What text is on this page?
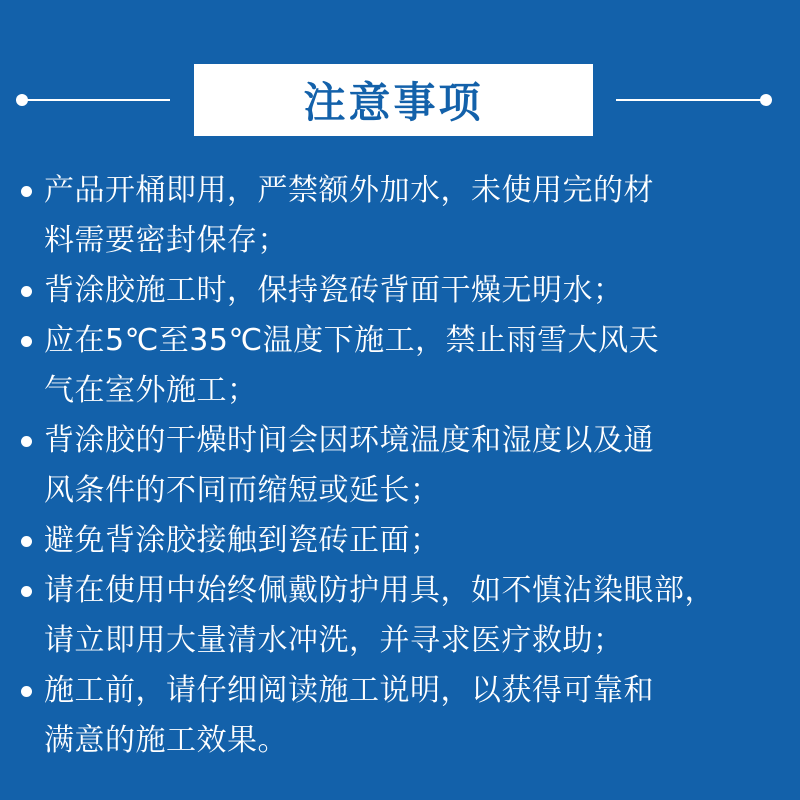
注意事项
产品开桶即用，严禁额外加水，未使用完的材
料需要密封保存；
背涂胶施工时，保持瓷砖背面干燥无明水；
应在5℃至35℃温度下施工，禁止雨雪大风天
气在室外施工；
背涂胶的干燥时间会因环境温度和湿度以及通
风条件的不同而缩短或延长；
避免背涂胶接触到瓷砖正面；
请在使用中始终佩戴防护用具，如不慎沾染眼部，
请立即用大量清水冲洗，并寻求医疗救助；
施工前，请仔细阅读施工说明，以获得可靠和
满意的施工效果。
